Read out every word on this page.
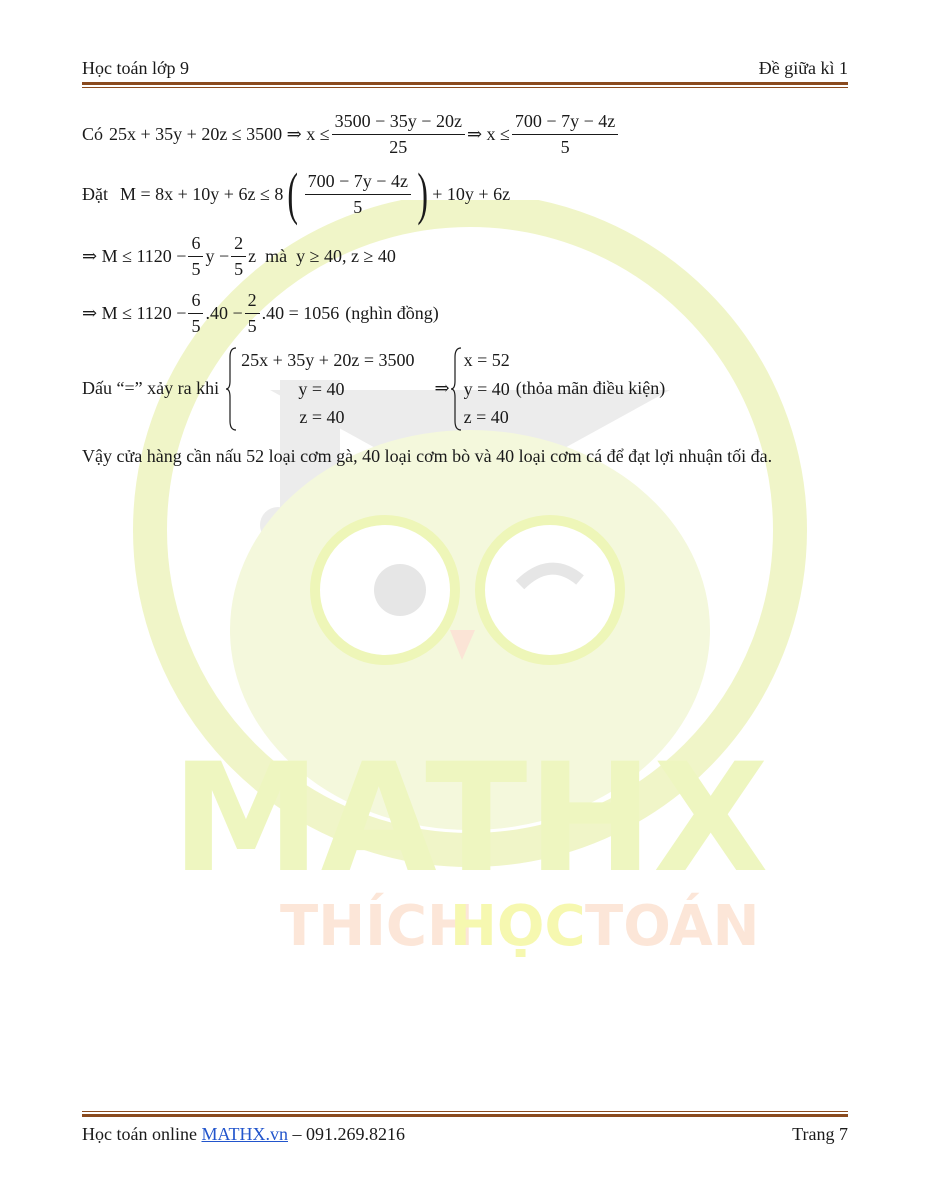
MATHX
THÍCH
HỌC TOÁN
Học toán lớp 9	Đề giữa kì 1
Có 25x + 35y + 20z ≤ 3500 ⇒ $x \le \frac{3500 - 35y - 20z}{25}$ ⇒ $x \le \frac{700 - 7y - 4z}{5}$
Đặt M = 8x + 10y + 6z ≤ 8 ( $\frac{700 - 7y - 4z}{5}$ ) + 10y + 6z
⇒ $M \le 1120 - \frac{6}{5}$ $y - \frac{2}{5}$ z  mà  y ≥ 40, z ≥ 40
⇒ $M \le 1120 - \frac{6}{5} .40 - \frac{2}{5} .40 = 1056$ (nghìn đồng)
Dấu “=” xảy ra khi
25x + 35y + 20z = 3500
y = 40
z = 40
⇒
x = 52
y = 40
z = 40
(thỏa mãn điều kiện)
Vậy cửa hàng cần nấu 52 loại cơm gà, 40 loại cơm bò và 40 loại cơm cá để đạt lợi nhuận tối đa.
Học toán online MATHX.vn – 091.269.8216	Trang 7
